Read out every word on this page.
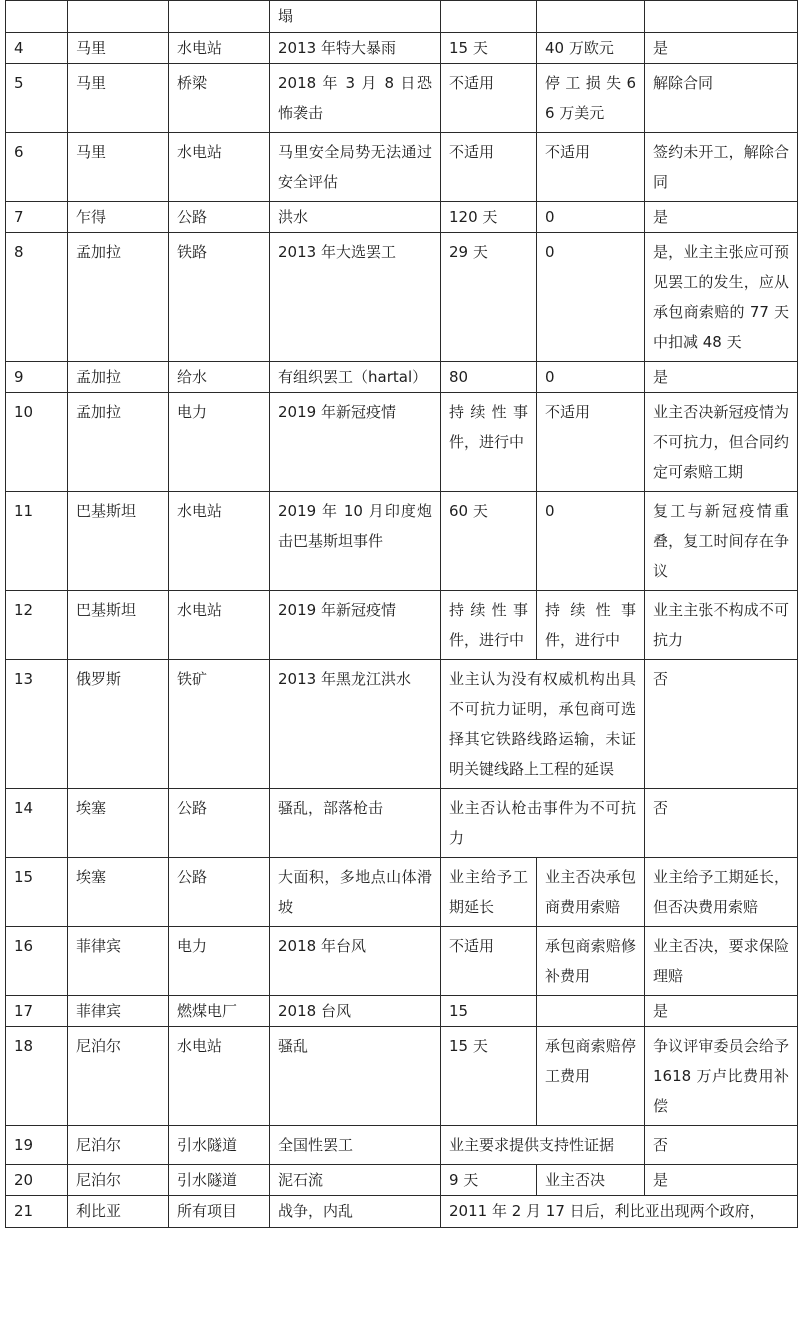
			塌			
4	马里	水电站	2013 年特大暴雨	15 天	40 万欧元	是
5	马里	桥梁	2018 年 3 月 8 日恐怖袭击	不适用	停 工 损 失 66 万美元	解除合同
6	马里	水电站	马里安全局势无法通过安全评估	不适用	不适用	签约未开工，解除合同
7	乍得	公路	洪水	120 天	0	是
8	孟加拉	铁路	2013 年大选罢工	29 天	0	是，业主主张应可预见罢工的发生，应从承包商索赔的 77 天中扣减 48 天
9	孟加拉	给水	有组织罢工（hartal）	80	0	是
10	孟加拉	电力	2019 年新冠疫情	持续性事件，进行中	不适用	业主否决新冠疫情为不可抗力，但合同约定可索赔工期
11	巴基斯坦	水电站	2019 年 10 月印度炮击巴基斯坦事件	60 天	0	复工与新冠疫情重叠，复工时间存在争议
12	巴基斯坦	水电站	2019 年新冠疫情	持续性事件，进行中	持 续 性 事 件，进行中	业主主张不构成不可抗力
13	俄罗斯	铁矿	2013 年黑龙江洪水	业主认为没有权威机构出具不可抗力证明，承包商可选择其它铁路线路运输，未证明关键线路上工程的延误		否
14	埃塞	公路	骚乱，部落枪击	业主否认枪击事件为不可抗力		否
15	埃塞	公路	大面积，多地点山体滑坡	业主给予工期延长	业主否决承包商费用索赔	业主给予工期延长，但否决费用索赔
16	菲律宾	电力	2018 年台风	不适用	承包商索赔修补费用	业主否决，要求保险理赔
17	菲律宾	燃煤电厂	2018 台风	15		是
18	尼泊尔	水电站	骚乱	15 天	承包商索赔停工费用	争议评审委员会给予 1618 万卢比费用补偿
19	尼泊尔	引水隧道	全国性罢工	业主要求提供支持性证据		否
20	尼泊尔	引水隧道	泥石流	9 天	业主否决	是
21	利比亚	所有项目	战争，内乱	2011 年 2 月 17 日后，利比亚出现两个政府，		
